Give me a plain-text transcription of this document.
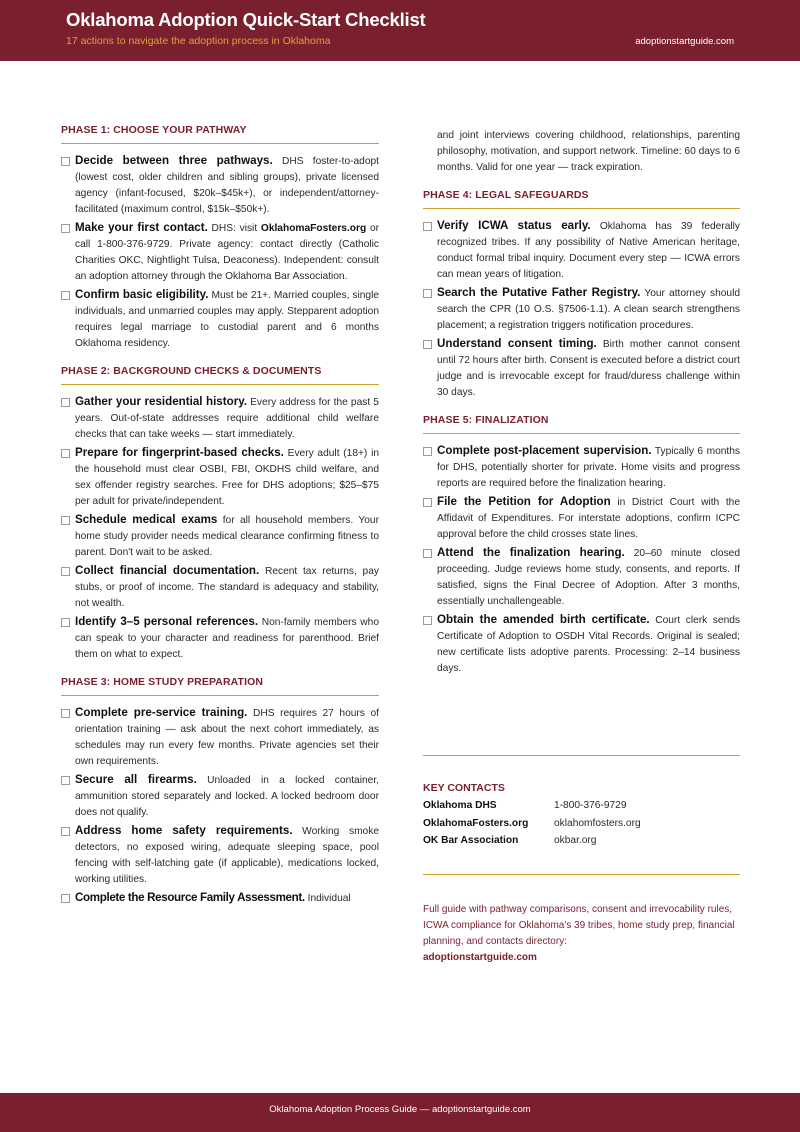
Oklahoma Adoption Quick-Start Checklist
17 actions to navigate the adoption process in Oklahoma	adoptionstartguide.com
PHASE 1: CHOOSE YOUR PATHWAY
Decide between three pathways. DHS foster-to-adopt (lowest cost, older children and sibling groups), private licensed agency (infant-focused, $20k–$45k+), or independent/attorney-facilitated (maximum control, $15k–$50k+).
Make your first contact. DHS: visit OklahomaFosters.org or call 1-800-376-9729. Private agency: contact directly (Catholic Charities OKC, Nightlight Tulsa, Deaconess). Independent: consult an adoption attorney through the Oklahoma Bar Association.
Confirm basic eligibility. Must be 21+. Married couples, single individuals, and unmarried couples may apply. Stepparent adoption requires legal marriage to custodial parent and 6 months Oklahoma residency.
PHASE 2: BACKGROUND CHECKS & DOCUMENTS
Gather your residential history. Every address for the past 5 years. Out-of-state addresses require additional child welfare checks that can take weeks — start immediately.
Prepare for fingerprint-based checks. Every adult (18+) in the household must clear OSBI, FBI, OKDHS child welfare, and sex offender registry searches. Free for DHS adoptions; $25–$75 per adult for private/independent.
Schedule medical exams for all household members. Your home study provider needs medical clearance confirming fitness to parent. Don't wait to be asked.
Collect financial documentation. Recent tax returns, pay stubs, or proof of income. The standard is adequacy and stability, not wealth.
Identify 3–5 personal references. Non-family members who can speak to your character and readiness for parenthood. Brief them on what to expect.
PHASE 3: HOME STUDY PREPARATION
Complete pre-service training. DHS requires 27 hours of orientation training — ask about the next cohort immediately, as schedules may run every few months. Private agencies set their own requirements.
Secure all firearms. Unloaded in a locked container, ammunition stored separately and locked. A locked bedroom door does not qualify.
Address home safety requirements. Working smoke detectors, no exposed wiring, adequate sleeping space, pool fencing with self-latching gate (if applicable), medications locked, working utilities.
Complete the Resource Family Assessment. Individual
and joint interviews covering childhood, relationships, parenting philosophy, motivation, and support network. Timeline: 60 days to 6 months. Valid for one year — track expiration.
PHASE 4: LEGAL SAFEGUARDS
Verify ICWA status early. Oklahoma has 39 federally recognized tribes. If any possibility of Native American heritage, conduct formal tribal inquiry. Document every step — ICWA errors can mean years of litigation.
Search the Putative Father Registry. Your attorney should search the CPR (10 O.S. §7506-1.1). A clean search strengthens placement; a registration triggers notification procedures.
Understand consent timing. Birth mother cannot consent until 72 hours after birth. Consent is executed before a district court judge and is irrevocable except for fraud/duress challenge within 30 days.
PHASE 5: FINALIZATION
Complete post-placement supervision. Typically 6 months for DHS, potentially shorter for private. Home visits and progress reports are required before the finalization hearing.
File the Petition for Adoption in District Court with the Affidavit of Expenditures. For interstate adoptions, confirm ICPC approval before the child crosses state lines.
Attend the finalization hearing. 20–60 minute closed proceeding. Judge reviews home study, consents, and reports. If satisfied, signs the Final Decree of Adoption. After 3 months, essentially unchallengeable.
Obtain the amended birth certificate. Court clerk sends Certificate of Adoption to OSDH Vital Records. Original is sealed; new certificate lists adoptive parents. Processing: 2–14 business days.
KEY CONTACTS
Oklahoma DHS	1-800-376-9729
OklahomaFosters.org	oklahomfosters.org
OK Bar Association	okbar.org

Full guide with pathway comparisons, consent and irrevocability rules, ICWA compliance for Oklahoma's 39 tribes, home study prep, financial planning, and contacts directory:
adoptionstartguide.com

Oklahoma Adoption Process Guide — adoptionstartguide.com
